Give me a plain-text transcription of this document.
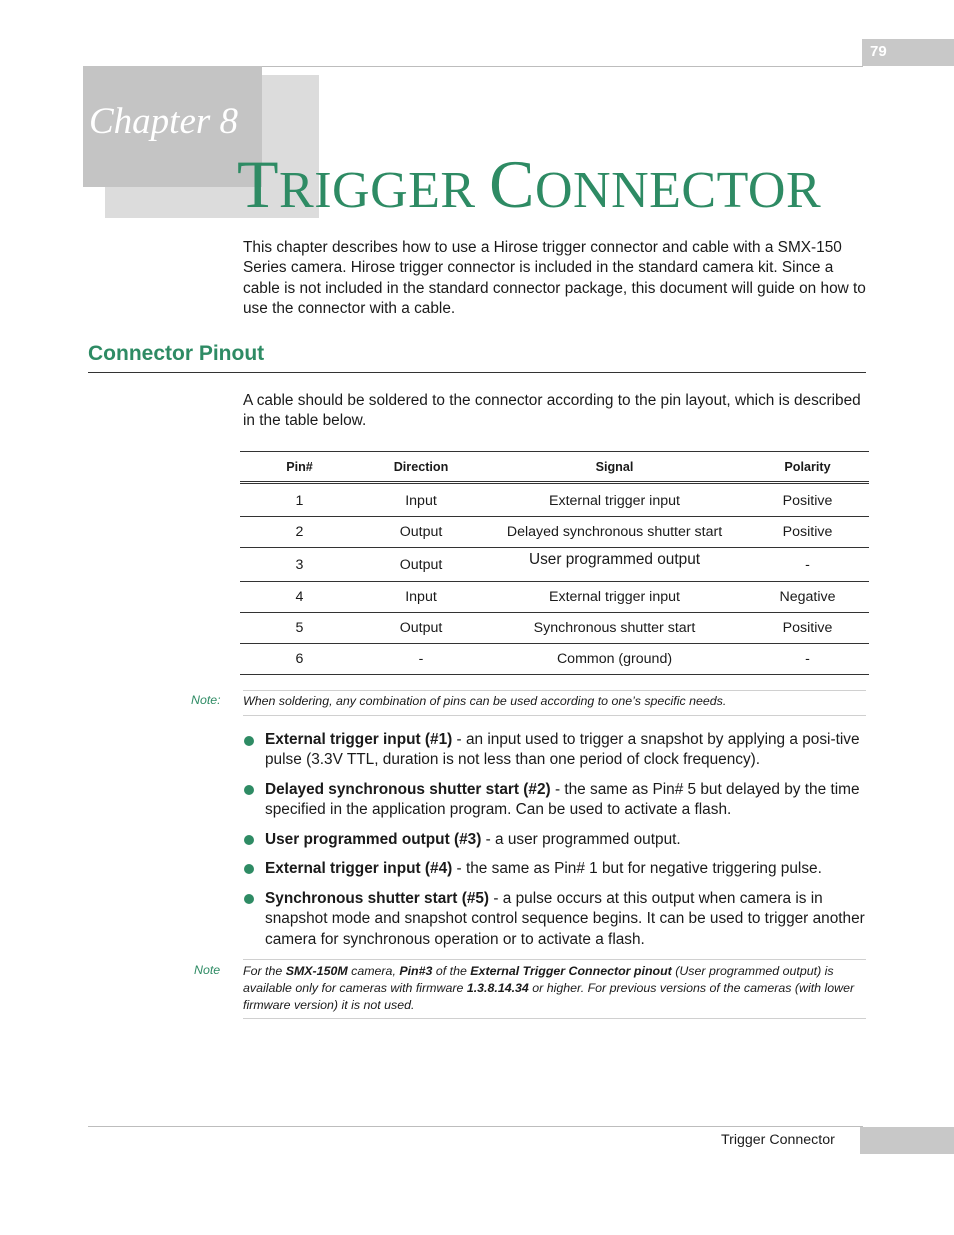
79
Chapter 8
TRIGGER CONNECTOR
This chapter describes how to use a Hirose trigger connector and cable with a SMX-150 Series camera. Hirose trigger connector is included in the standard camera kit. Since a cable is not included in the standard connector package, this document will guide on how to use the connector with a cable.
Connector Pinout
A cable should be soldered to the connector according to the pin layout, which is described in the table below.
Pin#	Direction	Signal	Polarity
1	Input	External trigger input	Positive
2	Output	Delayed synchronous shutter start	Positive
3	Output	User programmed output	-
4	Input	External trigger input	Negative
5	Output	Synchronous shutter start	Positive
6	-	Common (ground)	-
Note: When soldering, any combination of pins can be used according to one’s specific needs.
External trigger input (#1) - an input used to trigger a snapshot by applying a posi-tive pulse (3.3V TTL, duration is not less than one period of clock frequency).
Delayed synchronous shutter start (#2) - the same as Pin# 5 but delayed by the time specified in the application program. Can be used to activate a flash.
User programmed output (#3) - a user programmed output.
External trigger input (#4) - the same as Pin# 1 but for negative triggering pulse.
Synchronous shutter start (#5) - a pulse occurs at this output when camera is in snapshot mode and snapshot control sequence begins. It can be used to trigger another camera for synchronous operation or to activate a flash.
Note For the SMX-150M camera, Pin#3 of the External Trigger Connector pinout (User programmed output) is available only for cameras with firmware 1.3.8.14.34 or higher. For previous versions of the cameras (with lower firmware version) it is not used.
Trigger Connector
